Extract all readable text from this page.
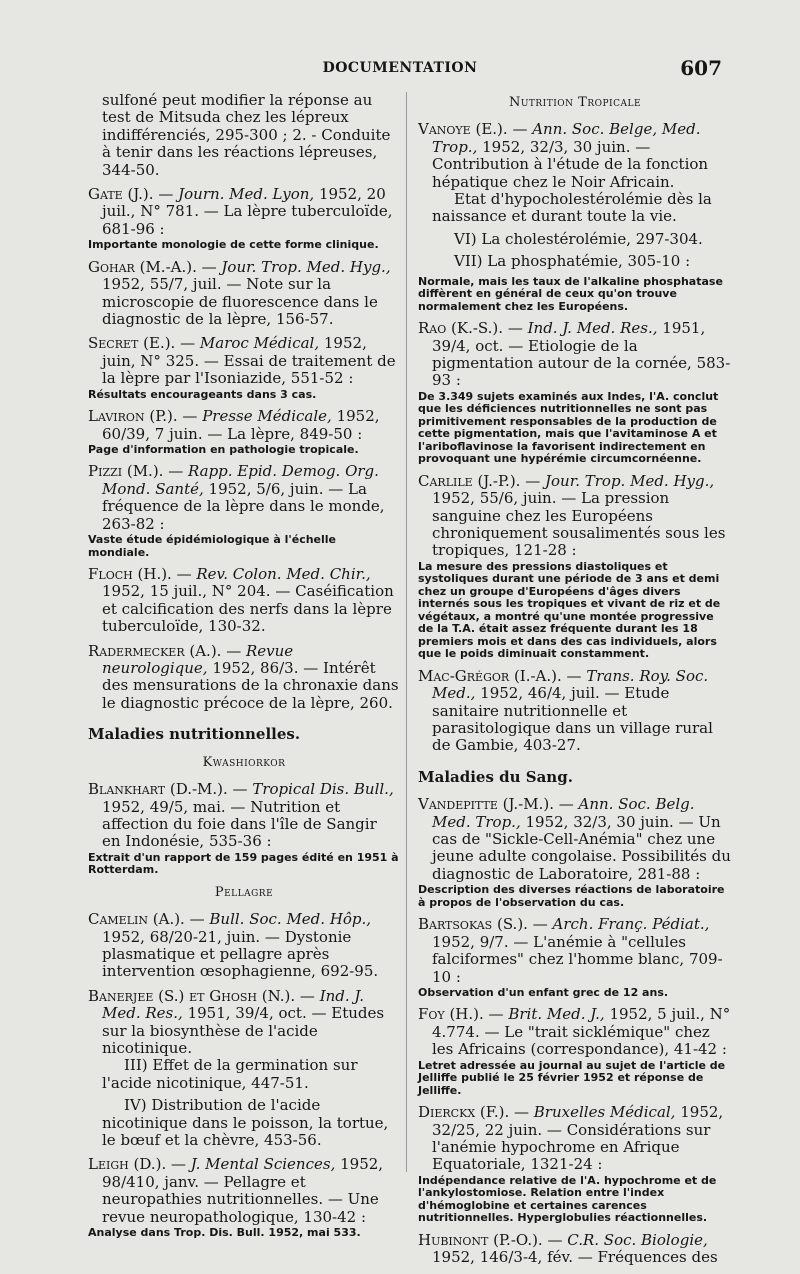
DOCUMENTATION	607
sulfoné peut modifier la réponse au test de Mitsuda chez les lépreux indifférenciés, 295-300 ; 2. - Conduite à tenir dans les réactions lépreuses, 344-50.
Gate (J.). — Journ. Med. Lyon, 1952, 20 juil., N° 781. — La lèpre tuberculoïde, 681-96 :
Importante monologie de cette forme clinique.
Gohar (M.-A.). — Jour. Trop. Med. Hyg., 1952, 55/7, juil. — Note sur la microscopie de fluorescence dans le diagnostic de la lèpre, 156-57.
Secret (E.). — Maroc Médical, 1952, juin, N° 325. — Essai de traitement de la lèpre par l'Isoniazide, 551-52 :
Résultats encourageants dans 3 cas.
Laviron (P.). — Presse Médicale, 1952, 60/39, 7 juin. — La lèpre, 849-50 :
Page d'information en pathologie tropicale.
Pizzi (M.). — Rapp. Epid. Demog. Org. Mond. Santé, 1952, 5/6, juin. — La fréquence de la lèpre dans le monde, 263-82 :
Vaste étude épidémiologique à l'échelle mondiale.
Floch (H.). — Rev. Colon. Med. Chir., 1952, 15 juil., N° 204. — Caséification et calcification des nerfs dans la lèpre tuberculoïde, 130-32.
Radermecker (A.). — Revue neurologique, 1952, 86/3. — Intérêt des mensurations de la chronaxie dans le diagnostic précoce de la lèpre, 260.
Maladies nutritionnelles.
Kwashiorkor
Blankhart (D.-M.). — Tropical Dis. Bull., 1952, 49/5, mai. — Nutrition et affection du foie dans l'île de Sangir en Indonésie, 535-36 :
Extrait d'un rapport de 159 pages édité en 1951 à Rotterdam.
Pellagre
Camelin (A.). — Bull. Soc. Med. Hôp., 1952, 68/20-21, juin. — Dystonie plasmatique et pellagre après intervention œsophagienne, 692-95.
Banerjee (S.) et Ghosh (N.). — Ind. J. Med. Res., 1951, 39/4, oct. — Etudes sur la biosynthèse de l'acide nicotinique.
III) Effet de la germination sur l'acide nicotinique, 447-51.
IV) Distribution de l'acide nicotinique dans le poisson, la tortue, le bœuf et la chèvre, 453-56.
Leigh (D.). — J. Mental Sciences, 1952, 98/410, janv. — Pellagre et neuropathies nutritionnelles. — Une revue neuropathologique, 130-42 :
Analyse dans Trop. Dis. Bull. 1952, mai 533.
Nutrition Tropicale
Vanoye (E.). — Ann. Soc. Belge, Med. Trop., 1952, 32/3, 30 juin. — Contribution à l'étude de la fonction hépatique chez le Noir Africain.
Etat d'hypocholestérolémie dès la naissance et durant toute la vie.
VI) La cholestérolémie, 297-304.
VII) La phosphatémie, 305-10 :
Normale, mais les taux de l'alkaline phosphatase diffèrent en général de ceux qu'on trouve normalement chez les Européens.
Rao (K.-S.). — Ind. J. Med. Res., 1951, 39/4, oct. — Etiologie de la pigmentation autour de la cornée, 583-93 :
De 3.349 sujets examinés aux Indes, l'A. conclut que les déficiences nutritionnelles ne sont pas primitivement responsables de la production de cette pigmentation, mais que l'avitaminose A et l'ariboflavinose la favorisent indirectement en provoquant une hypérémie circumcornéenne.
Carlile (J.-P.). — Jour. Trop. Med. Hyg., 1952, 55/6, juin. — La pression sanguine chez les Européens chroniquement sousalimentés sous les tropiques, 121-28 :
La mesure des pressions diastoliques et systoliques durant une période de 3 ans et demi chez un groupe d'Européens d'âges divers internés sous les tropiques et vivant de riz et de végétaux, a montré qu'une montée progressive de la T.A. était assez fréquente durant les 18 premiers mois et dans des cas individuels, alors que le poids diminuait constamment.
Mac-Grégor (I.-A.). — Trans. Roy. Soc. Med., 1952, 46/4, juil. — Etude sanitaire nutritionnelle et parasitologique dans un village rural de Gambie, 403-27.
Maladies du Sang.
Vandepitte (J.-M.). — Ann. Soc. Belg. Med. Trop., 1952, 32/3, 30 juin. — Un cas de "Sickle-Cell-Anémia" chez une jeune adulte congolaise. Possibilités du diagnostic de Laboratoire, 281-88 :
Description des diverses réactions de laboratoire à propos de l'observation du cas.
Bartsokas (S.). — Arch. Franç. Pédiat., 1952, 9/7. — L'anémie à "cellules falciformes" chez l'homme blanc, 709-10 :
Observation d'un enfant grec de 12 ans.
Foy (H.). — Brit. Med. J., 1952, 5 juil., N° 4.774. — Le "trait sicklémique" chez les Africains (correspondance), 41-42 :
Letret adressée au journal au sujet de l'article de Jelliffe publié le 25 février 1952 et réponse de Jelliffe.
Dierckx (F.). — Bruxelles Médical, 1952, 32/25, 22 juin. — Considérations sur l'anémie hypochrome en Afrique Equatoriale, 1321-24 :
Indépendance relative de l'A. hypochrome et de l'ankylostomiose. Relation entre l'index d'hémoglobine et certaines carences nutritionnelles. Hyperglobulies réactionnelles.
Hubinont (P.-O.). — C.R. Soc. Biologie, 1952, 146/3-4, fév. — Fréquences des
